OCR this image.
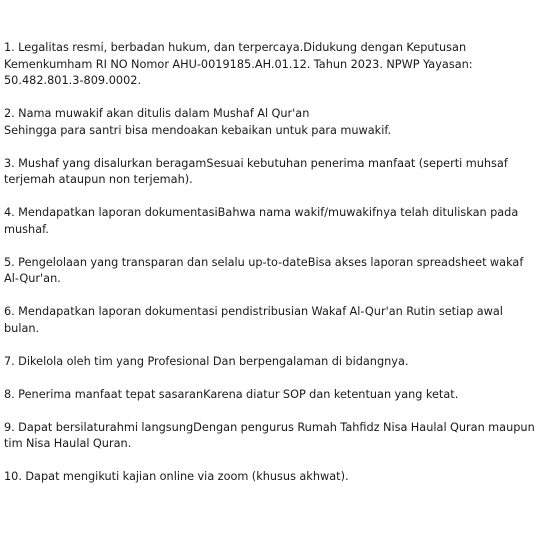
1. Legalitas resmi, berbadan hukum, dan terpercaya.Didukung dengan Keputusan Kemenkumham RI NO Nomor AHU-0019185.AH.01.12. Tahun 2023. NPWP Yayasan: 50.482.801.3-809.0002.

2. Nama muwakif akan ditulis dalam Mushaf Al Qur'an
Sehingga para santri bisa mendoakan kebaikan untuk para muwakif.

3. Mushaf yang disalurkan beragamSesuai kebutuhan penerima manfaat (seperti muhsaf terjemah ataupun non terjemah).

4. Mendapatkan laporan dokumentasiBahwa nama wakif/muwakifnya telah dituliskan pada mushaf.

5. Pengelolaan yang transparan dan selalu up-to-dateBisa akses laporan spreadsheet wakaf Al-Qur'an.

6. Mendapatkan laporan dokumentasi pendistribusian Wakaf Al-Qur'an Rutin setiap awal bulan.

7. Dikelola oleh tim yang Profesional Dan berpengalaman di bidangnya.

8. Penerima manfaat tepat sasaranKarena diatur SOP dan ketentuan yang ketat.

9. Dapat bersilaturahmi langsungDengan pengurus Rumah Tahfidz Nisa Haulal Quran maupun tim Nisa Haulal Quran.

10. Dapat mengikuti kajian online via zoom (khusus akhwat).
